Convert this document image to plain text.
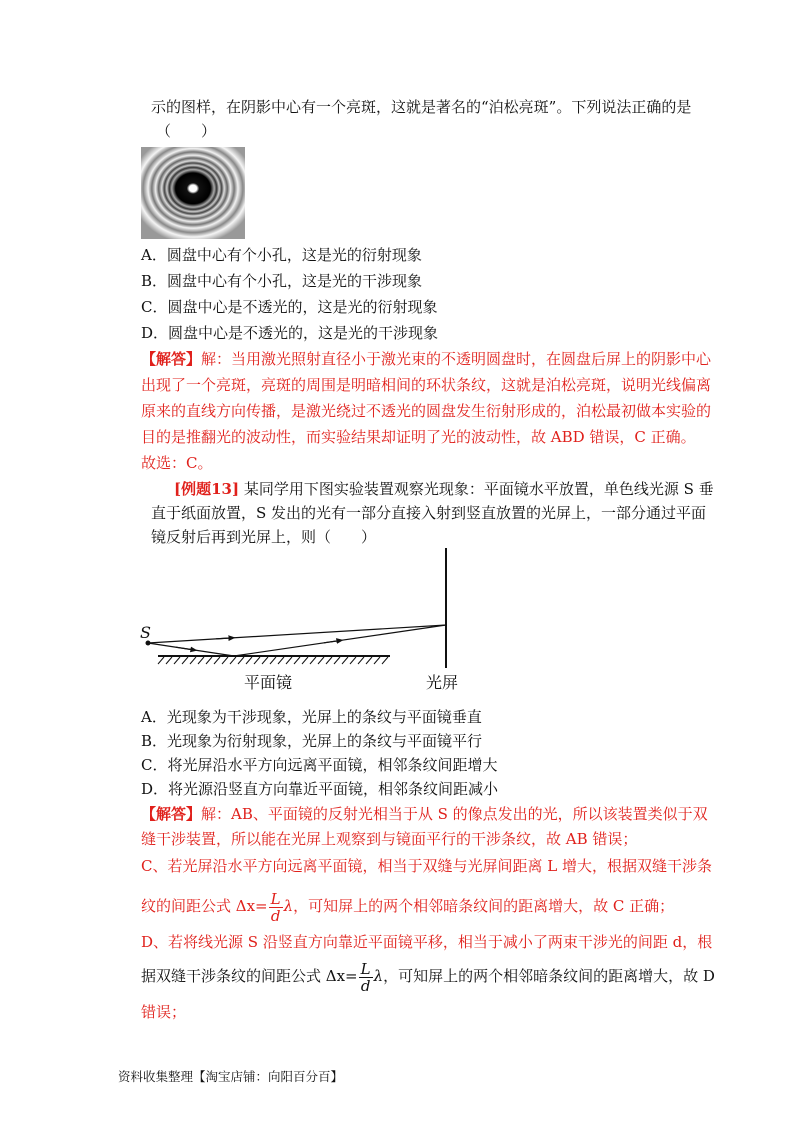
示的图样，在阴影中心有一个亮斑，这就是著名的“泊松亮斑”。下列说法正确的是
（　　）
A．圆盘中心有个小孔，这是光的衍射现象
B．圆盘中心有个小孔，这是光的干涉现象
C．圆盘中心是不透光的，这是光的衍射现象
D．圆盘中心是不透光的，这是光的干涉现象
【解答】解：当用激光照射直径小于激光束的不透明圆盘时，在圆盘后屏上的阴影中心
出现了一个亮斑，亮斑的周围是明暗相间的环状条纹，这就是泊松亮斑，说明光线偏离
原来的直线方向传播，是激光绕过不透光的圆盘发生衍射形成的，泊松最初做本实验的
目的是推翻光的波动性，而实验结果却证明了光的波动性，故 ABD 错误，C 正确。
故选：C。
[例题13] 某同学用下图实验装置观察光现象：平面镜水平放置，单色线光源 S 垂
直于纸面放置，S 发出的光有一部分直接入射到竖直放置的光屏上，一部分通过平面
镜反射后再到光屏上，则（　　）
S
平面镜	光屏
A．光现象为干涉现象，光屏上的条纹与平面镜垂直
B．光现象为衍射现象，光屏上的条纹与平面镜平行
C．将光屏沿水平方向远离平面镜，相邻条纹间距增大
D．将光源沿竖直方向靠近平面镜，相邻条纹间距减小
【解答】解：AB、平面镜的反射光相当于从 S 的像点发出的光，所以该装置类似于双
缝干涉装置，所以能在光屏上观察到与镜面平行的干涉条纹，故 AB 错误；
C、若光屏沿水平方向远离平面镜，相当于双缝与光屏间距离 L 增大，根据双缝干涉条
纹的间距公式 $\Delta x= \frac{L}{d}$ λ，可知屏上的两个相邻暗条纹间的距离增大，故 C 正确；
D、若将线光源 S 沿竖直方向靠近平面镜平移，相当于减小了两束干涉光的间距 d，根
据双缝干涉条纹的间距公式 $\Delta x= \frac{L}{d}$ λ，可知屏上的两个相邻暗条纹间的距离增大，故 D
错误；
资料收集整理【淘宝店铺：向阳百分百】
